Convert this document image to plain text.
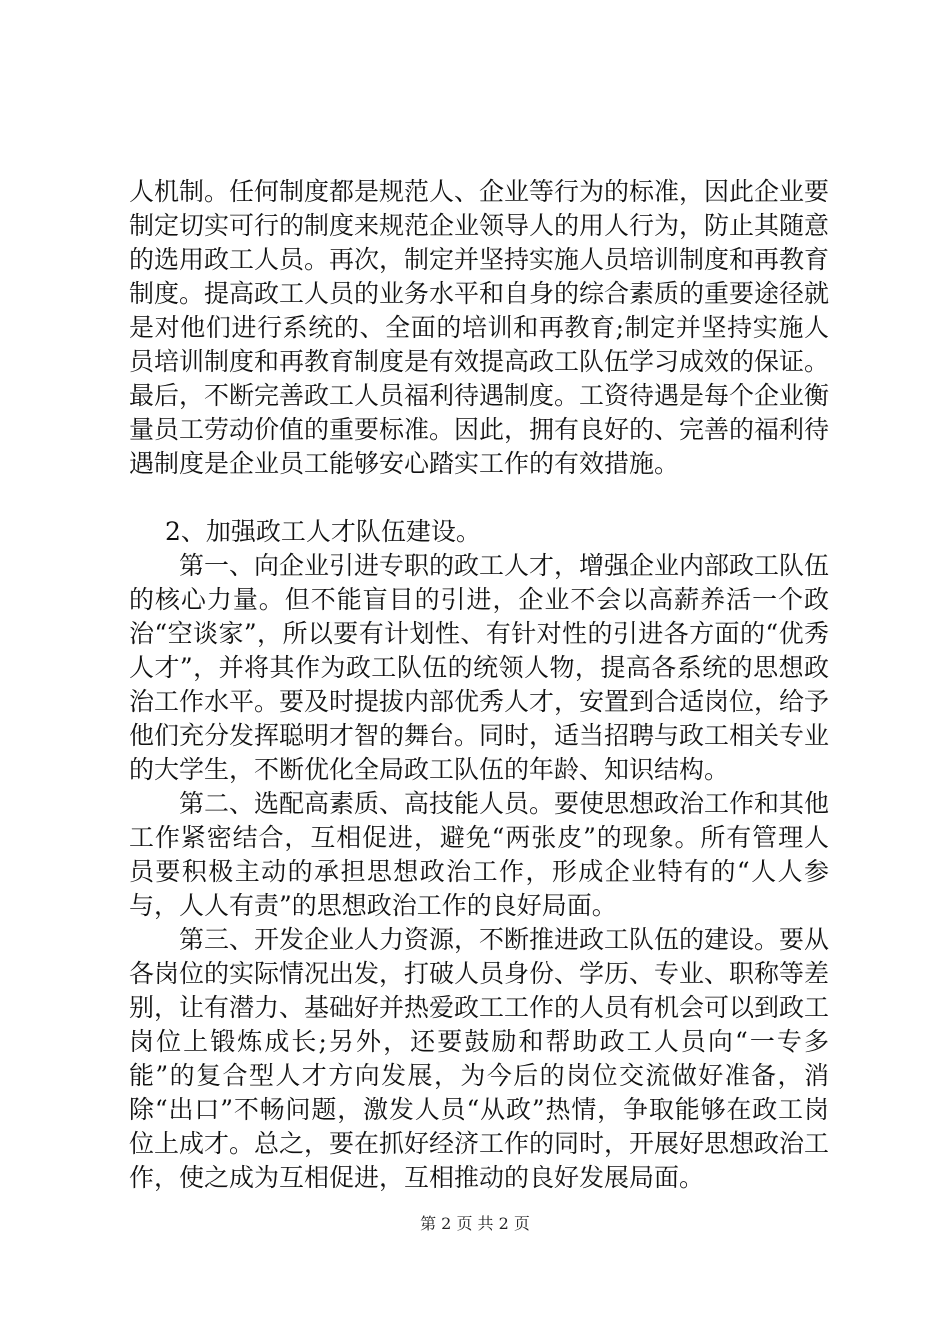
人机制。任何制度都是规范人、企业等行为的标准，因此企业要制定切实可行的制度来规范企业领导人的用人行为，防止其随意的选用政工人员。再次，制定并坚持实施人员培训制度和再教育制度。提高政工人员的业务水平和自身的综合素质的重要途径就是对他们进行系统的、全面的培训和再教育;制定并坚持实施人员培训制度和再教育制度是有效提高政工队伍学习成效的保证。最后，不断完善政工人员福利待遇制度。工资待遇是每个企业衡量员工劳动价值的重要标准。因此，拥有良好的、完善的福利待遇制度是企业员工能够安心踏实工作的有效措施。

2、加强政工人才队伍建设。

第一、向企业引进专职的政工人才，增强企业内部政工队伍的核心力量。但不能盲目的引进，企业不会以高薪养活一个政治“空谈家”，所以要有计划性、有针对性的引进各方面的“优秀人才”，并将其作为政工队伍的统领人物，提高各系统的思想政治工作水平。要及时提拔内部优秀人才，安置到合适岗位，给予他们充分发挥聪明才智的舞台。同时，适当招聘与政工相关专业的大学生，不断优化全局政工队伍的年龄、知识结构。

第二、选配高素质、高技能人员。要使思想政治工作和其他工作紧密结合，互相促进，避免“两张皮”的现象。所有管理人员要积极主动的承担思想政治工作，形成企业特有的“人人参与，人人有责”的思想政治工作的良好局面。

第三、开发企业人力资源，不断推进政工队伍的建设。要从各岗位的实际情况出发，打破人员身份、学历、专业、职称等差别，让有潜力、基础好并热爱政工工作的人员有机会可以到政工岗位上锻炼成长;另外，还要鼓励和帮助政工人员向“一专多能”的复合型人才方向发展，为今后的岗位交流做好准备，消除“出口”不畅问题，激发人员“从政”热情，争取能够在政工岗位上成才。总之，要在抓好经济工作的同时，开展好思想政治工作，使之成为互相促进，互相推动的良好发展局面。

第 2 页 共 2 页
